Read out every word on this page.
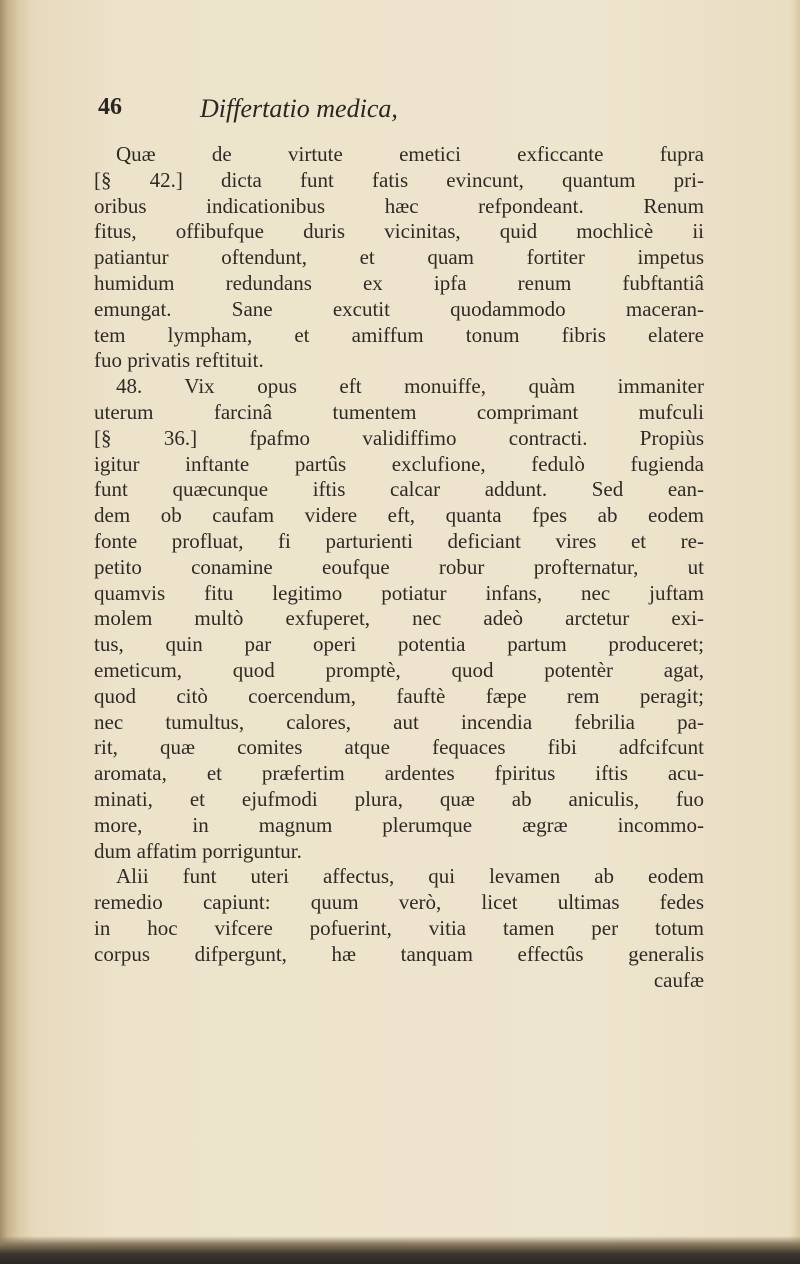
46	Differtatio medica,
Quæ de virtute emetici exficcante fupra
[§ 42.] dicta funt fatis evincunt, quantum pri-
oribus indicationibus hæc refpondeant. Renum
fitus, offibufque duris vicinitas, quid mochlicè ii
patiantur oftendunt, et quam fortiter impetus
humidum redundans ex ipfa renum fubftantiâ
emungat. Sane excutit quodammodo maceran-
tem lympham, et amiffum tonum fibris elatere
fuo privatis reftituit.
48. Vix opus eft monuiffe, quàm immaniter
uterum farcinâ tumentem comprimant mufculi
[§ 36.] fpafmo validiffimo contracti. Propiùs
igitur inftante partûs exclufione, fedulò fugienda
funt quæcunque iftis calcar addunt. Sed ean-
dem ob caufam videre eft, quanta fpes ab eodem
fonte profluat, fi parturienti deficiant vires et re-
petito conamine eoufque robur profternatur, ut
quamvis fitu legitimo potiatur infans, nec juftam
molem multò exfuperet, nec adeò arctetur exi-
tus, quin par operi potentia partum produceret;
emeticum, quod promptè, quod potentèr agat,
quod citò coercendum, fauftè fæpe rem peragit;
nec tumultus, calores, aut incendia febrilia pa-
rit, quæ comites atque fequaces fibi adfcifcunt
aromata, et præfertim ardentes fpiritus iftis acu-
minati, et ejufmodi plura, quæ ab aniculis, fuo
more, in magnum plerumque ægræ incommo-
dum affatim porriguntur.
Alii funt uteri affectus, qui levamen ab eodem
remedio capiunt: quum verò, licet ultimas fedes
in hoc vifcere pofuerint, vitia tamen per totum
corpus difpergunt, hæ tanquam effectûs generalis
caufæ
